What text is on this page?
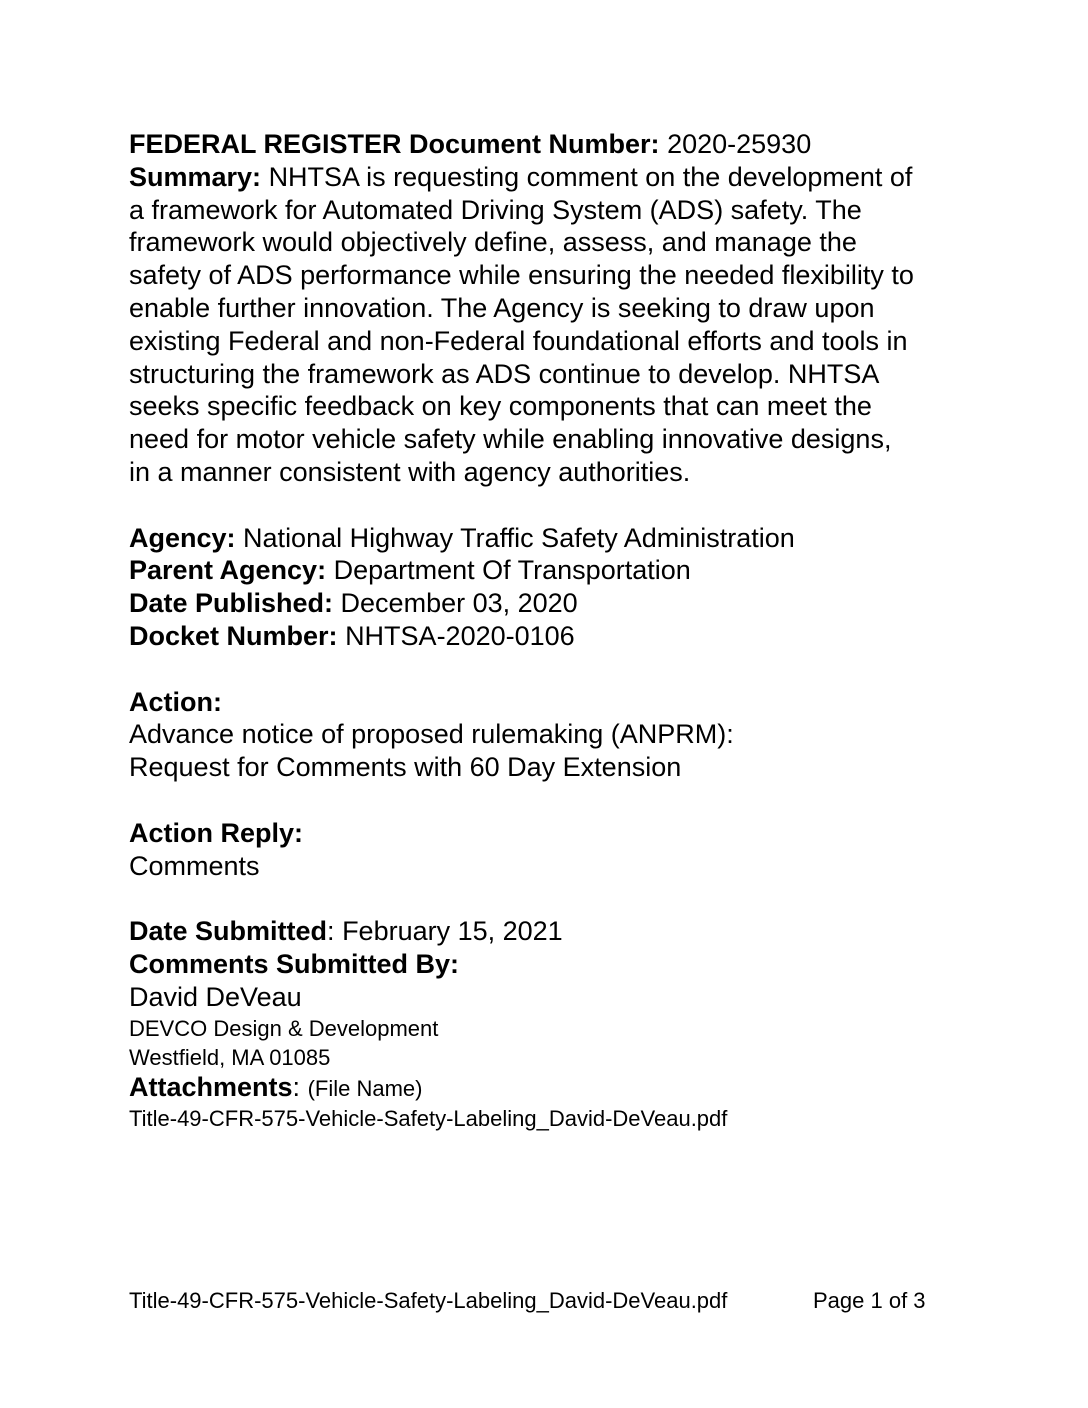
FEDERAL REGISTER Document Number: 2020-25930

Summary: NHTSA is requesting comment on the development of

a framework for Automated Driving System (ADS) safety. The

framework would objectively define, assess, and manage the

safety of ADS performance while ensuring the needed flexibility to

enable further innovation. The Agency is seeking to draw upon

existing Federal and non-Federal foundational efforts and tools in

structuring the framework as ADS continue to develop. NHTSA

seeks specific feedback on key components that can meet the

need for motor vehicle safety while enabling innovative designs,

in a manner consistent with agency authorities.

Agency: National Highway Traffic Safety Administration

Parent Agency: Department Of Transportation

Date Published: December 03, 2020

Docket Number: NHTSA-2020-0106

Action:

Advance notice of proposed rulemaking (ANPRM):

Request for Comments with 60 Day Extension

Action Reply:

Comments

Date Submitted: February 15, 2021

Comments Submitted By:

David DeVeau

DEVCO Design & Development

Westfield, MA 01085

Attachments: (File Name)

Title-49-CFR-575-Vehicle-Safety-Labeling_David-DeVeau.pdf

Title-49-CFR-575-Vehicle-Safety-Labeling_David-DeVeau.pdf	Page 1 of 3
